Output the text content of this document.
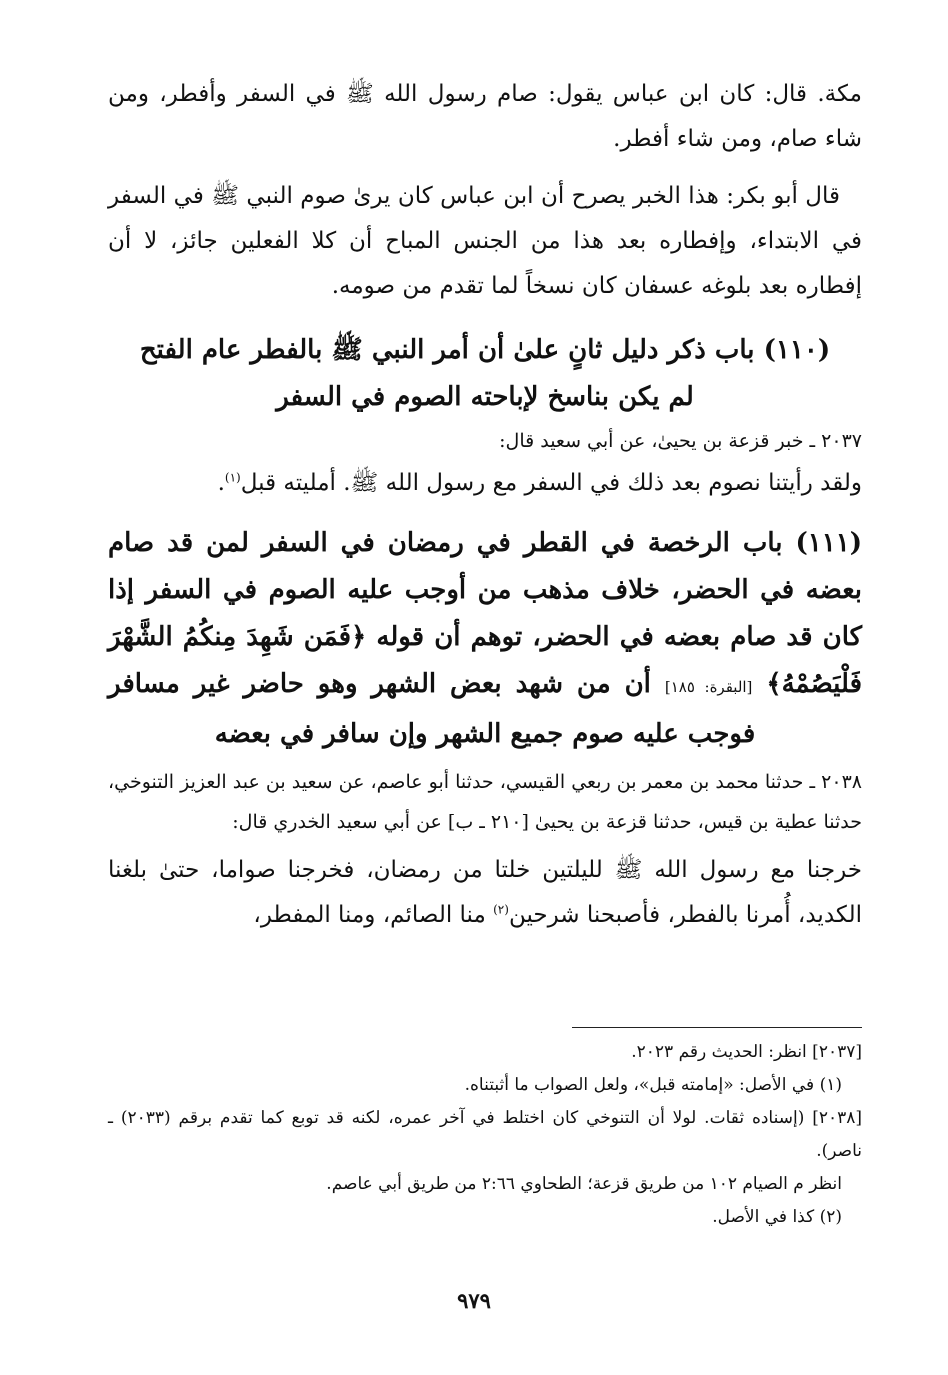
مكة. قال: كان ابن عباس يقول: صام رسول الله ﷺ في السفر وأفطر، ومن شاء صام، ومن شاء أفطر.

قال أبو بكر: هذا الخبر يصرح أن ابن عباس كان يرىٰ صوم النبي ﷺ في السفر في الابتداء، وإفطاره بعد هذا من الجنس المباح أن كلا الفعلين جائز، لا أن إفطاره بعد بلوغه عسفان كان نسخاً لما تقدم من صومه.

(١١٠) باب ذكر دليل ثانٍ علىٰ أن أمر النبي ﷺ بالفطر عام الفتح
لم يكن بناسخ لإباحته الصوم في السفر

٢٠٣٧ ـ خبر قزعة بن يحيىٰ، عن أبي سعيد قال:

ولقد رأيتنا نصوم بعد ذلك في السفر مع رسول الله ﷺ. أمليته قبل$^{(١)}$.

(١١١) باب الرخصة في القطر في رمضان في السفر لمن قد صام بعضه في الحضر، خلاف مذهب من أوجب عليه الصوم في السفر إذا كان قد صام بعضه في الحضر، توهم أن قوله ﴿فَمَن شَهِدَ مِنكُمُ الشَّهْرَ فَلْيَصُمْهُ﴾ [البقرة: ١٨٥] أن من شهد بعض الشهر وهو حاضر غير مسافر فوجب عليه صوم جميع الشهر وإن سافر في بعضه

٢٠٣٨ ـ حدثنا محمد بن معمر بن ربعي القيسي، حدثنا أبو عاصم، عن سعيد بن عبد العزيز التنوخي، حدثنا عطية بن قيس، حدثنا قزعة بن يحيىٰ [٢١٠ ـ ب] عن أبي سعيد الخدري قال:

خرجنا مع رسول الله ﷺ لليلتين خلتا من رمضان، فخرجنا صواما، حتىٰ بلغنا الكديد، أُمرنا بالفطر، فأصبحنا شرحين$^{(٢)}$ منا الصائم، ومنا المفطر،

[٢٠٣٧] انظر: الحديث رقم ٢٠٢٣.

(١) في الأصل: «إمامته قبل»، ولعل الصواب ما أثبتناه.

[٢٠٣٨] (إسناده ثقات. لولا أن التنوخي كان اختلط في آخر عمره، لكنه قد توبع كما تقدم برقم (٢٠٣٣) ـ ناصر).

انظر م الصيام ١٠٢ من طريق قزعة؛ الطحاوي ٢:٦٦ من طريق أبي عاصم.

(٢) كذا في الأصل.

٩٧٩
